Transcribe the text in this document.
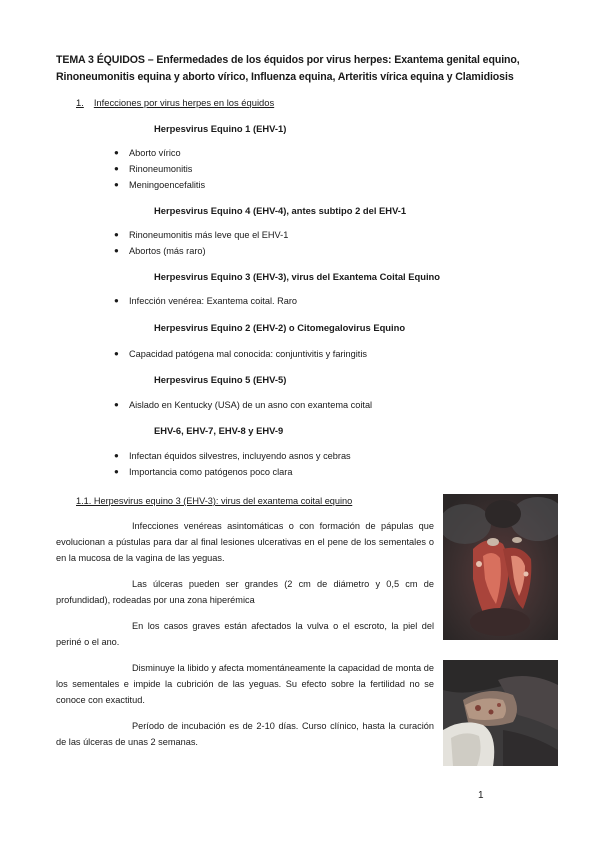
TEMA 3 ÉQUIDOS – Enfermedades de los équidos por virus herpes: Exantema genital equino, Rinoneumonitis equina y aborto vírico, Influenza equina, Arteritis vírica equina y Clamidiosis
1. Infecciones por virus herpes en los équidos
Herpesvirus Equino 1 (EHV-1)
● Aborto vírico
● Rinoneumonitis
● Meningoencefalitis
Herpesvirus Equino 4 (EHV-4), antes subtipo 2 del EHV-1
● Rinoneumonitis más leve que el EHV-1
● Abortos (más raro)
Herpesvirus Equino 3 (EHV-3), virus del Exantema Coital Equino
● Infección venérea: Exantema coital. Raro
Herpesvirus Equino 2 (EHV-2) o Citomegalovirus Equino
● Capacidad patógena mal conocida: conjuntivitis y faringitis
Herpesvirus Equino 5 (EHV-5)
● Aislado en Kentucky (USA) de un asno con exantema coital
EHV-6, EHV-7, EHV-8 y EHV-9
● Infectan équidos silvestres, incluyendo asnos y cebras
● Importancia como patógenos poco clara
1.1. Herpesvirus equino 3 (EHV-3): virus del exantema coital equino
Infecciones venéreas asintomáticas o con formación de pápulas que evolucionan a pústulas para dar al final lesiones ulcerativas en el pene de los sementales o en la mucosa de la vagina de las yeguas.
Las úlceras pueden ser grandes (2 cm de diámetro y 0,5 cm de profundidad), rodeadas por una zona hiperémica
En los casos graves están afectados la vulva o el escroto, la piel del periné o el ano.
Disminuye la libido y afecta momentáneamente la capacidad de monta de los sementales e impide la cubrición de las yeguas. Su efecto sobre la fertilidad no se conoce con exactitud.
Período de incubación es de 2-10 días. Curso clínico, hasta la curación de las úlceras de unas 2 semanas.
1
